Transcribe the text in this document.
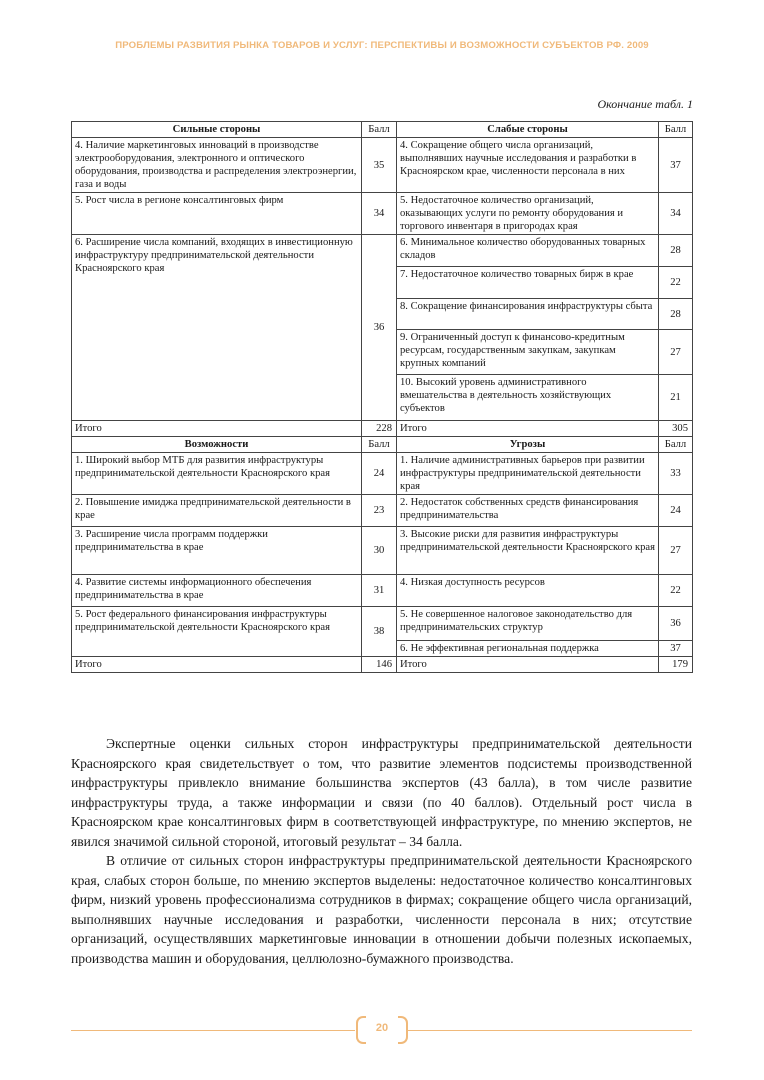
ПРОБЛЕМЫ РАЗВИТИЯ РЫНКА ТОВАРОВ И УСЛУГ: ПЕРСПЕКТИВЫ И ВОЗМОЖНОСТИ СУБЪЕКТОВ РФ. 2009
Окончание табл. 1
Сильные стороны	Балл	Слабые стороны	Балл
4. Наличие маркетинговых инноваций в производстве электрооборудования, электронного и оптического оборудования, производства и распределения электроэнергии, газа и воды	35	4. Сокращение общего числа организаций, выполнявших научные исследования и разработки в Красноярском крае, численности персонала в них	37
5. Рост числа в регионе консалтинговых фирм	34	5. Недостаточное количество организаций, оказывающих услуги по ремонту оборудования и торгового инвентаря в пригородах края	34
6. Расширение числа компаний, входящих в инвестиционную инфраструктуру предпринимательской деятельности Красноярского края	36	6. Минимальное количество оборудованных товарных складов	28
		7. Недостаточное количество товарных бирж в крае	22
		8. Сокращение финансирования инфраструктуры сбыта	28
		9. Ограниченный доступ к финансово-кредитным ресурсам, государственным закупкам, закупкам крупных компаний	27
		10. Высокий уровень административного вмешательства в деятельность хозяйствующих субъектов	21
Итого	228	Итого	305
Возможности	Балл	Угрозы	Балл
1. Широкий выбор МТБ для развития инфраструктуры предпринимательской деятельности Красноярского края	24	1. Наличие административных барьеров при развитии инфраструктуры предпринимательской деятельности края	33
2. Повышение имиджа предпринимательской деятельности в крае	23	2. Недостаток собственных средств финансирования предпринимательства	24
3. Расширение числа программ поддержки предпринимательства в крае	30	3. Высокие риски для развития инфраструктуры предпринимательской деятельности Красноярского края	27
4. Развитие системы информационного обеспечения предпринимательства в крае	31	4. Низкая доступность ресурсов	22
5. Рост федерального финансирования инфраструктуры предпринимательской деятельности Красноярского края	38	5. Не совершенное налоговое законодательство для предпринимательских структур	36
		6. Не эффективная региональная поддержка	37
Итого	146	Итого	179

Экспертные оценки сильных сторон инфраструктуры предпринимательской деятельности Красноярского края свидетельствует о том, что развитие элементов подсистемы производственной инфраструктуры привлекло внимание большинства экспертов (43 балла), в том числе развитие инфраструктуры труда, а также информации и связи (по 40 баллов). Отдельный рост числа в Красноярском крае консалтинговых фирм в соответствующей инфраструктуре, по мнению экспертов, не явился значимой сильной стороной, итоговый результат – 34 балла.

В отличие от сильных сторон инфраструктуры предпринимательской деятельности Красноярского края, слабых сторон больше, по мнению экспертов выделены: недостаточное количество консалтинговых фирм, низкий уровень профессионализма сотрудников в фирмах; сокращение общего числа организаций, выполнявших научные исследования и разработки, численности персонала в них; отсутствие организаций, осуществлявших маркетинговые инновации в отношении добычи полезных ископаемых, производства машин и оборудования, целлюлозно-бумажного производства.

20
